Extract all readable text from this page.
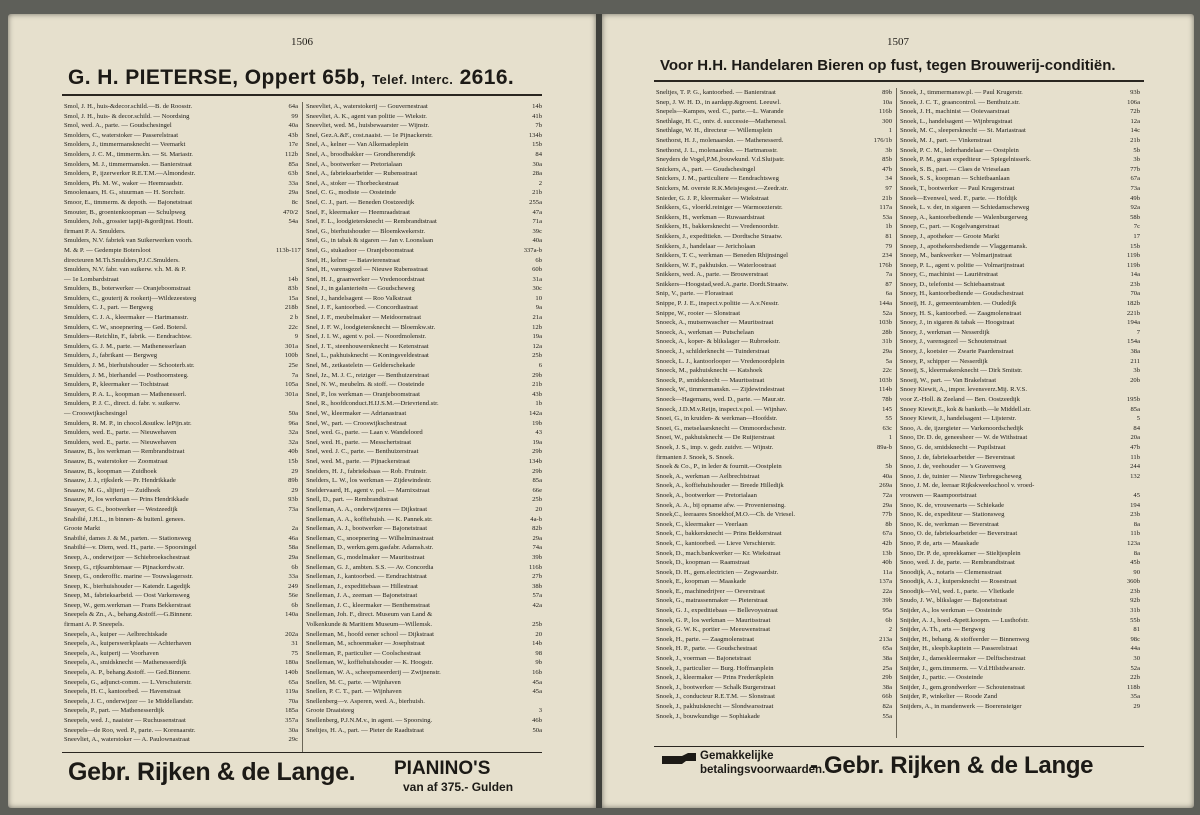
1506
G. H. PIETERSE, Oppert 65b, Telef. Interc. 2616.
Smol, J. H., huis-&decor.schild.—B. de Roosstr.	64a
Smol, J. H., huis- & decor.schild. — Noordsing	99
Smol, wed. A., parte. — Goudschesingel	40a
Smolders, C., waterstoker — Passerelstraat	43b
Smolders, J., timmermansknecht — Veemarkt	17e
Smolders, J. C. M., timmerm.kn. — St. Mariastr.	112b
Smolders, M. J., timmermanskn. — Banierstraat	85a
Smolders, P., ijzerwerker R.E.T.M.—Almondestr.	63b
Smolders, Ph. M. W., waker — Heemraadstr.	33a
Smoolenaars, H. G., stuurman — H. Sorchstr.	29a
Smoor, E., timmerm. & depoth. — Bajonetstraat	8c
Smouter, B., groentenkoopman — Schulpweg	470/2
Smulders, Joh., grossier tapijt-&gordijnst. Houtt.	54a
firmant P. A. Smulders.
Smulders, N.V. fabriek van Suikerwerken voorh.
M. & P. — Gedempte Botersloot	113b-117
directeuren M.Th.Smulders,P.J.C.Smulders.
Smulders, N.V. fabr. van suikerw. v.h. M. & P.
— 1e Lombardstraat	14b
Smulders, B., boterwerker — Oranjeboomstraat	83b
Smulders, C., gouterij & rookerij—Wildezeesteeg	15a
Smulders, C. J., part. — Bergweg	218b
Smulders, C. J. A., kleermaker — Hartmansstr.	2 b
Smulders, C. W., snoepnering — Ged. Botersl.	22c
Smulders—Reichlin, F., fabrik. — Eendrachtsw.	9
Smulders, G. J. M., parte. — Mathenesserlaan	301a
Smulders, J., fabrikant — Bergweg	100b
Smulders, J. M., bierhuishouder — Schooterb.str.	25e
Smulders, J. M., bierhandel — Posthoornsteeg.	7a
Smulders, P., kleermaker — Tochtstraat	105a
Smulders, P. A. L., koopman — Mathenesserl.	301a
Smulders, P. J. C., direct. d. fabr. v. suikerw.
— Crooswijkschesingel	50a
Smulders, R. M. P., in chocol.&suikw. lePijn.str.	96a
Smulders, wed. E., parte. — Nieuwehaven	32a
Smulders, wed. E., parte. — Nieuwehaven	32a
Snaauw, B., los werkman — Rembrandtstraat	40b
Snaauw, B., waterstoker — Zoomstraat	15b
Snaauw, B., koopman — Zuidhoek	29
Snaauw, J. J., rijkslerk — Pr. Hendrikkade	89b
Snaauw, M. G., slijterij — Zuidhoek	29
Snaauw, P., los werkman — Prins Hendrikkade	93b
Snaayer, G. C., bootwerker — Westzeedijk	73a
Snabilié, J.H.L., in binnen- & buitenl. genees.
Groote Markt	2a
Snabilié, dames J. & M., parten. — Stationsweg	46a
Snabilié—v. Diem, wed. H., parte. — Spoorsingel	58a
Sneep, A., onderwijzer — Schiebroekschestraat	29a
Sneep, G., rijksambtenaar — Pijnackerdw.str.	6b
Sneep, G., onderoffic. marine — Touwslagersstr.	33a
Sneep, K., bierhuishouder — Katendr. Lagedijk	249
Sneep, M., fabrieksarbeid. — Oost Varkensweg	56e
Sneep, W., gem.werkman — Frans Bekkerstraat	6b
Sneepels & Zn., A., behang.&stoff.—G.Binnenr.	140a
firmant A. P. Sneepels.
Sneepels, A., kuiper — Aelbrechtskade	202a
Sneepels, A., kuiperswerkplaats — Achterhaven	31
Sneepels, A., kuiperij — Voorhaven	75
Sneepels, A., smidsknecht — Mathenesserdijk	180a
Sneepels, A. P., behang.&stoff. — Ged.Binnenr.	140b
Sneepels, G., adjunct-comm. — L.Verschuierstr.	65a
Sneepels, H. C., kantoorbed. — Havenstraat	119a
Sneepels, J. C., onderwijzer — 1e Middellandstr.	70a
Sneepels, P., part. — Mathenesserdijk	185a
Sneepels, wed. J., naaister — Ruchussenstraat	357a
Sneepels—de Roo, wed. P., parte. — Korenaarstr.	30a
Sneevliet, A., waterstoker — A. Paulownastraat	29c
Sneevliet, A., waterstokerij — Gouvernestraat	14b
Sneevliet, A. K., agent van politie — Wiekstr.	41b
Sneevliet, wed. M., huisbewaarster — Wijnstr.	7b
Snel, Gez.A.&F., cost.naaist. — 1e Pijnackerstr.	134b
Snel, A., kelner — Van Alkemadeplein	15b
Snel, A., broodbakker — Grondherendijk	84
Snel, A., bootwerker — Pretorialaan	30a
Snel, A., fabrieksarbeider — Rubensstraat	28a
Snel, A., stoker — Thorbeckestraat	2
Snel, C. G., modiste — Oosteinde	21b
Snel, C. J., part. — Beneden Oostzeedijk	255a
Snel, F., kleermaker — Heemraadstraat	47a
Snel, F. L., loodgietersknecht — Rembrandtstraat	71a
Snel, G., bierhuishouder — Bloemkwekerstr.	39c
Snel, G., in tabak & sigaren — Jan v. Loonslaan	40a
Snel, G., stukadoor — Oranjeboomstraat	337a-b
Snel, H., kelner — Batavierenstraat	6b
Snel, H., varensgezel — Nieuwe Rubensstraat	60b
Snel, H. J., graanwerker — Vredenoordstraat	31a
Snel, J., in galanterieën — Goudscheweg	30c
Snel, J., handelsagent — Roo Valkstraat	10
Snel, J. F., kantoorbed. — Concordiastraat	9a
Snel, J. F., meubelmaker — Meidoornstraat	21a
Snel, J. F. W., loodgietersknecht — Bloemkw.str.	12b
Snel, J. I. W., agent v. pol. — Noordmolenstr.	19a
Snel, J. T., steenhouwersknecht — Ketenstraat	12a
Snel, L., pakhuisknecht — Koningsveldestraat	25b
Snel, M., zetkastelein — Gelderschekade	6
Snel, Jz., M. J. C., reiziger — Benthuizerstraat	29b
Snel, N. W., meubelm. & stoff. — Oosteinde	21b
Snel, P., los werkman — Oranjeboomstraat	43b
Snel, R., hoofdconduct.H.IJ.S.M.—Drievriend.str.	1b
Snel, W., kleermaker — Adrianastraat	142a
Snel, W., part. — Crooswijkschestraat	19b
Snel, wed. G., parte. — Laan v. Wandeloord	43
Snel, wed. H., parte. — Messchertstraat	19a
Snel, wed. J. C., parte. — Benthuizerstraat	29b
Snel, wed. M., parte. — Pijnackerstraat	134b
Snelders, H. J., fabrieksbaas — Rob. Fruinstr.	29b
Snelders, L. W., los werkman — Zijdewindestr.	85a
Sneldervaard, H., agent v. pol. — Marnixstraat	66e
Snell, D., part. — Rembrandtstraat	25b
Snelleman, A. A., onderwijzeres — Dijkstraat	20
Snelleman, A. A., koffiehuish. — K. Pannek.str.	4a-b
Snelleman, A. J., bootwerker — Bajonetstraat	82b
Snelleman, C., snoepnering — Wilhelminastraat	29a
Snelleman, D., werkm.gem.gasfabr. Adamsh.str.	74a
Snelleman, G., modelmaker — Mauritsstraat	39b
Snelleman, G. J., ambten. S.S. — Av. Concordia	116b
Snelleman, J., kantoorbed. — Eendrachtstraat	27b
Snelleman, J., expeditiebaas — Hillestraat	38b
Snelleman, J. A., zeeman — Bajonetstraat	57a
Snelleman, J. C., kleermaker — Benthemstraat	42a
Snelleman, Joh. F., direct. Museum van Land &
Volkenkunde & Maritiem Museum—Willemsk.	25b
Snelleman, M., hoofd eener school — Dijkstraat	20
Snelleman, M., schoenmaker — Josephstraat	14b
Snelleman, P., particulier — Coolschestraat	98
Snelleman, W., koffiehuishouder — K. Hoogstr.	9b
Snelleman, W. A., scheepsmeerderij — Zwijnenstr.	16b
Snellen, M. C., parte. — Wijnhaven	45a
Snellen, P. C. T., part. — Wijnhaven	45a
Snellenberg—v. Asperen, wed. A., bierhuish.
Groote Draaisteeg	3
Snellenberg, P.J.N.M.v., in agent. — Spoorsing.	46b
Sneltjes, H. A., part. — Pieter de Raadtstraat	50a
Gebr. Rijken & de Lange. PIANINO'S
van af 375.- Gulden
1507
Voor H.H. Handelaren Bieren op fust, tegen Brouwerij-conditiën.
Sneltjes, T. P. G., kantoorbed. — Banierstraat	89b
Snep, J. W. H. D., in aardapp.&groent. Leeuwl.	10a
Snepels—Kampes, wed. C., parte.—L. Warande	116b
Snethlage, H. C., ontv. d. successie—Mathenessl.	300
Snethlage, W. H., directeur — Willemsplein	1
Snethorst, H. J., molenaarskn. — Mathenesserd.	176/1b
Snethorst, J. L., molenaarskn. — Hartmansstr.	3b
Sneyders de Vogel,P.M.,bouwkund. V.d.Sluijsstr.	85b
Snickers, A., part. — Goudschesingel	47b
Snickers, J. M., particuliere — Eendrachtsweg	34
Snickers, M. overste R.K.Meisjesgest.—Zeedr.str.	97
Snieder, G. J. P., kleermaker — Wiekstraat	21b
Snikkers, G., vloerkl.reiniger — Warmoezierstr.	117a
Snikkers, H., werkman — Ruwaardstraat	53a
Snikkers, H., bakkersknecht — Vredenoordstr.	1b
Snikkers, J., expeditiekn. — Dordtsche Straatw.	81
Snikkers, J., handelaar — Jericholaan	79
Snikkers, T. C., werkman — Beneden Rhijnsingel	234
Snikkers, W. F., pakhuiskn. — Waterloostraat	176b
Snikkers, wed. A., parte. — Brouwerstraat	7a
Snikkers—Hoogstad,wed.A.,parte. Dordt.Straatw.	87
Snip, V., parte. — Florastraat	6a
Snippe, P. J. E., inspect.v.politie — A.v.Nesstr.	144a
Snippe, W., rooier — Slonstraat	52a
Snoeck, A., mutsenwascher — Mauritsstraat	103b
Snoeck, A., werkman — Putschelaan	28b
Snoeck, A., koper- & blikslager — Rubroekstr.	31b
Snoeck, J., schilderknecht — Tuinderstraat	29a
Snoeck, L. J., kantoorlooper — Vredenoordplein	5a
Snoeck, M., pakhuisknecht — Katshoek	22c
Snoeck, P., smidsknecht — Mauritsstraat	103b
Snoeck, W., timmermanskn. — Zijdewindestraat	114b
Snoeck—Hagemans, wed. D., parte. — Maur.str.	78b
Snoeck, J.D.M.v.Reijn, inspect.v.pol. — Wijnhav.	145
Snoei, G., in kruiden- & werkman—Hoofdstr.	55
Snoei, G., metselaarsknecht — Ommoordschestr.	63c
Snoei, W., pakhuisknecht — De Ruijterstraat	1
Snoek, J. S., imp. v. gedr. zuidvr. — Wijnstr.	89a-b
firmanten J. Snoek, S. Snoek.
Snoek & Co., P., in leder & fournit.—Oostplein	5b
Snoek, A., werkman — Aelbrechtstraat	40a
Snoek, A., koffiehuishouder — Breede Hilledijk	269a
Snoek, A., bootwerker — Pretorialaan	72a
Snoek, A. A., bij opname afw. — Provenierssing.	29a
Snoek,C., leeraares Snoekhof,M.O.—Ch. de Vriesel.	77b
Snoek, C., kleermaker — Veerlaan	8b
Snoek, C., bakkersknecht — Prins Bekkerstraat	67a
Snoek, C., kantoorbed. — Lieve Verschierstr.	42b
Snoek, D., mach.bankwerker — Kr. Wiekstraat	13b
Snoek, D., koopman — Raamstraat	40b
Snoek, D. H., gem.electricien — Zegwaardstr.	11a
Snoek, E., koopman — Maaskade	137a
Snoek, E., machinedrijver — Oeverstraat	22a
Snoek, G., matrassenmaker — Pieterstraat	39b
Snoek, G. J., expeditiebaas — Bellevoysstraat	95a
Snoek, G. P., los werkman — Mauritsstraat	6b
Snoek, G. W. K., portier — Meeuwenstraat	2
Snoek, H., parte. — Zaagmolenstraat	213a
Snoek, H. P., parte. — Goudschestraat	65a
Snoek, J., voerman — Bajonetstraat	38a
Snoek, J., particulier — Burg. Hoffmanplein	25a
Snoek, J., kleermaker — Prins Frederikplein	29b
Snoek, J., bootwerker — Schalk Burgerstraat	38a
Snoek, J., conducteur R.E.T.M. — Slonstraat	66b
Snoek, J., pakhuisknecht — Slondwarsstraat	82a
Snoek, J., bouwkundige — Sophiakade	55a
Snoek, J., timmermansw.pl. — Paul Krugerstr.	93b
Snoek, J. C. T., graancontrol. — Benthuiz.str.	106a
Snoek, J. H., machinist — Ooievaarstraat	72b
Snoek, L., handelsagent — Wijnbrugstraat	12a
Snoek, M. C., sleepersknecht — St. Mariastraat	14c
Snoek, M. J., part. — Vinkenstraat	21b
Snoek, P. C. M., lederhandelaar — Oostplein	5b
Snoek, P. M., graan expediteur — Spiegelnisserk.	3b
Snoek, S. B., part. — Claes de Vrieselaan	77b
Snoek, S. S., koopman — Schietbaanlaan	67a
Snoek, T., bootwerker — Paul Krugerstraat	73a
Snoek—Evenwel, wed. F., parte. — Hofdijk	49b
Snoek, L. v. der, in sigaren — Schiedamscheweg	92a
Snoep, A., kantoorbediende — Walenburgerweg	58b
Snoep, C., part. — Kogelvangerstraat	7c
Snoep, J., apotheker — Groote Markt	17
Snoep, J., apothekersbediende — Vlaggemansk.	15b
Snoep, M., bankwerker — Volmarijnstraat	119b
Snoep, P. L., agent v. politie — Volmarijnstraat	119b
Snoey, C., machinist — Lauriërstraat	14a
Snoey, D., telefonist — Schiebaanstraat	23b
Snoey, H., kantoorbediende — Goudschestraat	70a
Snoeij, H. J., gemeenteambten. — Oudedijk	182b
Snoey, H. S., kantoorbed. — Zaagmolenstraat	221b
Snoey, J., in sigaren & tabak — Hoogstraat	194a
Snoey, J., werkman — Nesserdijk	7
Snoey, J., varensgezel — Schoutenstraat	154a
Snoey, J., koetsier — Zwarte Paardenstraat	38a
Snoey, P., schipper — Nesserdijk	211
Snoeij, S., kleermakersknecht — Dirk Smitstr.	3b
Snoeij, W., part. — Van Brakelstraat	20b
Snoey Kiewit, A., impor. levensverz.Mij. R.V.S.
voor Z.-Holl. & Zeeland — Ben. Oostzeedijk	195b
Snoey Kiewit,E., kok & banketb.—le Middell.str.	85a
Snoey Kiewit, J., handelsagent — Lijsterstr.	5
Snoo, A. de, ijzergieter — Varkenoordschedijk	84
Snoo, Dr. D. de, geneesheer — W. de Withstraat	20a
Snoo, G. de, smidsknecht — Pupilstraat	47b
Snoo, J. de, fabrieksarbeider — Beverstraat	11b
Snoo, J. de, veehouder — 's Gravenweg	244
Snoo, J. de, tuinier — Nieuw Terbregscheweg	132
Snoo, J. M. de, leeraar Rijkskweekschool v. vroed-
vrouwen — Raampoortstraat	45
Snoo, K. de, vrouwenarts — Schiekade	194
Snoo, K. de, expediteur — Stationsweg	23b
Snoo, K. de, werkman — Beverstraat	8a
Snoo, O. de, fabrieksarbeider — Beverstraat	11b
Snoo, P. de, arts — Maaskade	123a
Snoo, Dr. P. de, spreekkamer — Stieltjesplein	8a
Snoo, wed. J. de, parte. — Rembrandtstraat	45b
Snoodijk, A., notaris — Clemensstraat	90
Snoodijk, A. J., kuipersknecht — Rosestraat	360b
Snoodijk—Vel, wed. I., parte. — Vlietkade	23b
Snudo, J. W., blikslager — Bajonetstraat	92b
Snijder, A., los werkman — Oosteinde	31b
Snijder, A. J., hoed.-&pett.koopm. — Lusthofstr.	55b
Snijder, A. Th., arts — Bergweg	81
Snijder, H., behang. & stoffeerder — Binnenweg	98c
Snijder, H., sleepb.kapitein — Passerelstraat	44a
Snijder, J., dameskleermaker — Delftschestraat	30
Snijder, J., gem.timmerm. — V.d.Hilstdwarsstr.	52a
Snijder, J., partic. — Oosteinde	22b
Snijder, J., gem.grondwerker — Schoutenstraat	118b
Snijder, P., winkelier — Roode Zand	35a
Snijders, A., in mandenwerk — Boerensteiger	29
Gemakkelijke
betalingsvoorwaarden.
- Gebr. Rijken & de Lange
